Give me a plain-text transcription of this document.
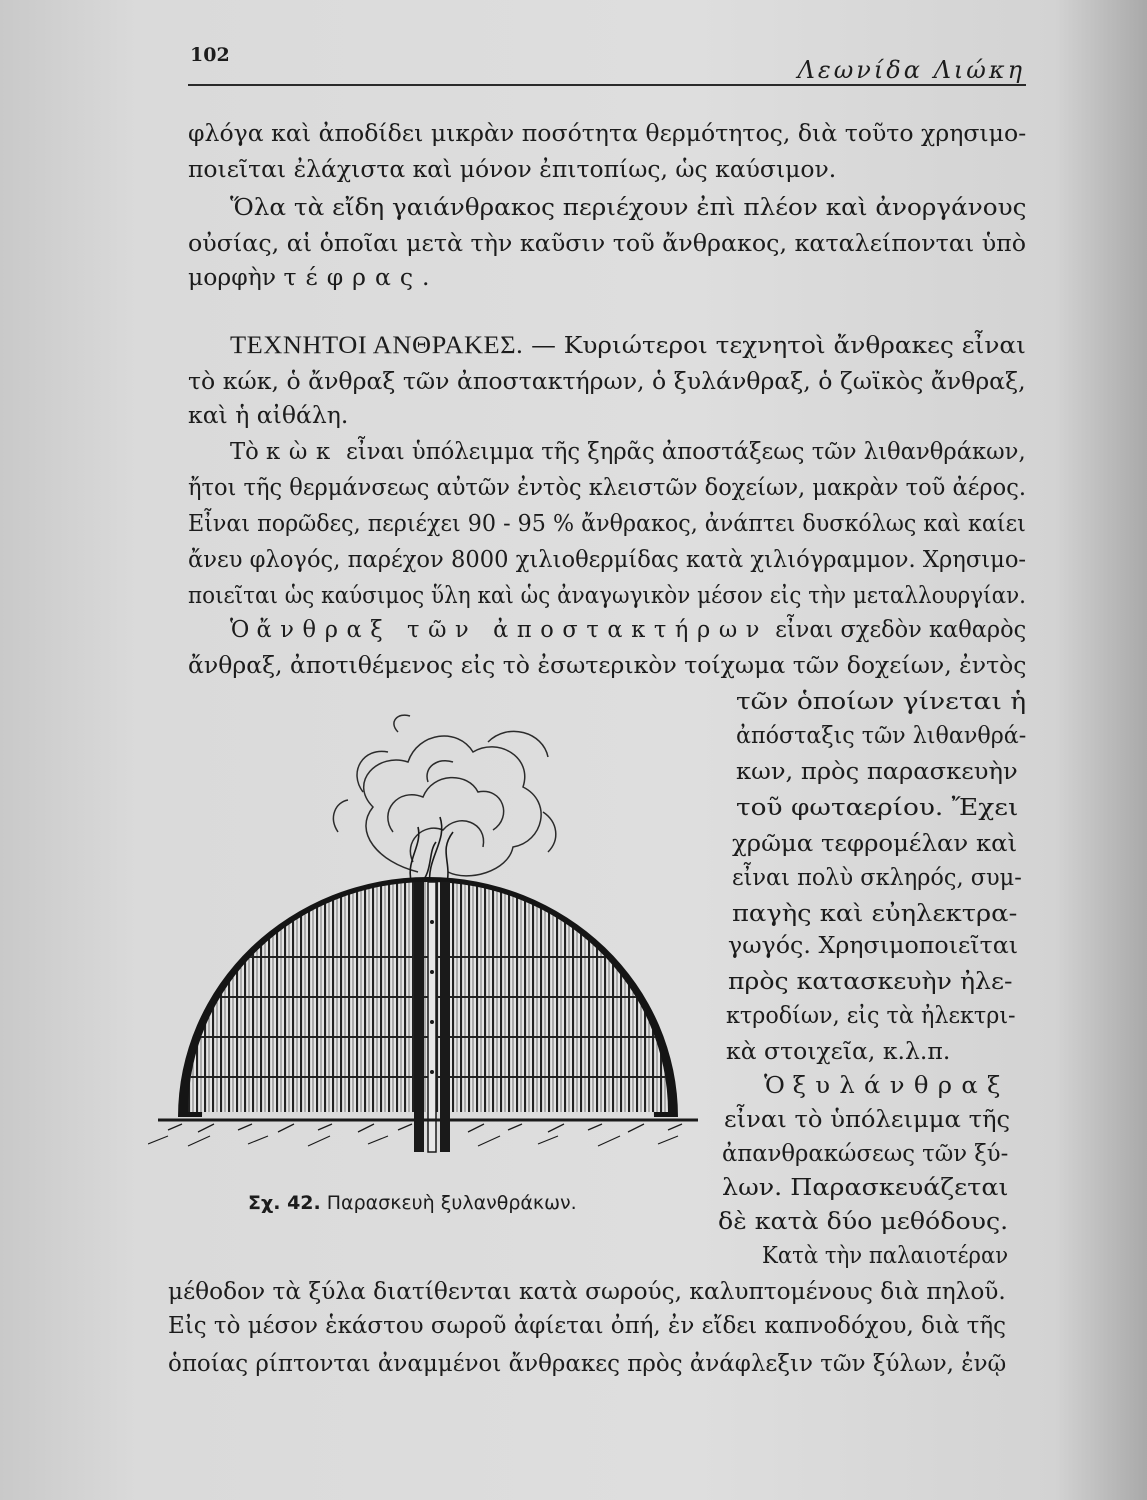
102
Λεωνίδα Λιώκη
φλόγα καὶ ἀποδίδει μικρὰν ποσότητα θερμότητος, διὰ τοῦτο χρησιμο-
ποιεῖται ἐλάχιστα καὶ μόνον ἐπιτοπίως, ὡς καύσιμον.
Ὅλα τὰ εἴδη γαιάνθρακος περιέχουν ἐπὶ πλέον καὶ ἀνοργάνους
οὐσίας, αἱ ὁποῖαι μετὰ τὴν καῦσιν τοῦ ἄνθρακος, καταλείπονται ὑπὸ
μορφὴν τέφρας.
ΤΕΧΝΗΤΟΙ ΑΝΘΡΑΚΕΣ. — Κυριώτεροι τεχνητοὶ ἄνθρακες εἶναι
τὸ κώκ, ὁ ἄνθραξ τῶν ἀποστακτήρων, ὁ ξυλάνθραξ, ὁ ζωϊκὸς ἄνθραξ,
καὶ ἡ αἰθάλη.
Τὸ κὼκ εἶναι ὑπόλειμμα τῆς ξηρᾶς ἀποστάξεως τῶν λιθανθράκων,
ἤτοι τῆς θερμάνσεως αὐτῶν ἐντὸς κλειστῶν δοχείων, μακρὰν τοῦ ἀέρος.
Εἶναι πορῶδες, περιέχει 90 - 95 % ἄνθρακος, ἀνάπτει δυσκόλως καὶ καίει
ἄνευ φλογός, παρέχον 8000 χιλιοθερμίδας κατὰ χιλιόγραμμον. Χρησιμο-
ποιεῖται ὡς καύσιμος ὕλη καὶ ὡς ἀναγωγικὸν μέσον εἰς τὴν μεταλλουργίαν.
Ὁ ἄνθραξ τῶν ἀποστακτήρων εἶναι σχεδὸν καθαρὸς
ἄνθραξ, ἀποτιθέμενος εἰς τὸ ἐσωτερικὸν τοίχωμα τῶν δοχείων, ἐντὸς
τῶν ὁποίων γίνεται ἡ
ἀπόσταξις τῶν λιθανθρά-
κων, πρὸς παρασκευὴν
τοῦ φωταερίου. Ἔχει
χρῶμα τεφρομέλαν καὶ
εἶναι πολὺ σκληρός, συμ-
παγὴς καὶ εὐηλεκτρα-
γωγός. Χρησιμοποιεῖται
πρὸς κατασκευὴν ἠλε-
κτροδίων, εἰς τὰ ἠλεκτρι-
κὰ στοιχεῖα, κ.λ.π.
Ὁ ξυλάνθραξ
εἶναι τὸ ὑπόλειμμα τῆς
ἀπανθρακώσεως τῶν ξύ-
λων. Παρασκευάζεται
δὲ κατὰ δύο μεθόδους.
Κατὰ τὴν παλαιοτέραν
μέθοδον τὰ ξύλα διατίθενται κατὰ σωρούς, καλυπτομένους διὰ πηλοῦ.
Εἰς τὸ μέσον ἑκάστου σωροῦ ἀφίεται ὀπή, ἐν εἴδει καπνοδόχου, διὰ τῆς
ὁποίας ρίπτονται ἀναμμένοι ἄνθρακες πρὸς ἀνάφλεξιν τῶν ξύλων, ἐνῷ
Σχ. 42. Παρασκευὴ ξυλανθράκων.
